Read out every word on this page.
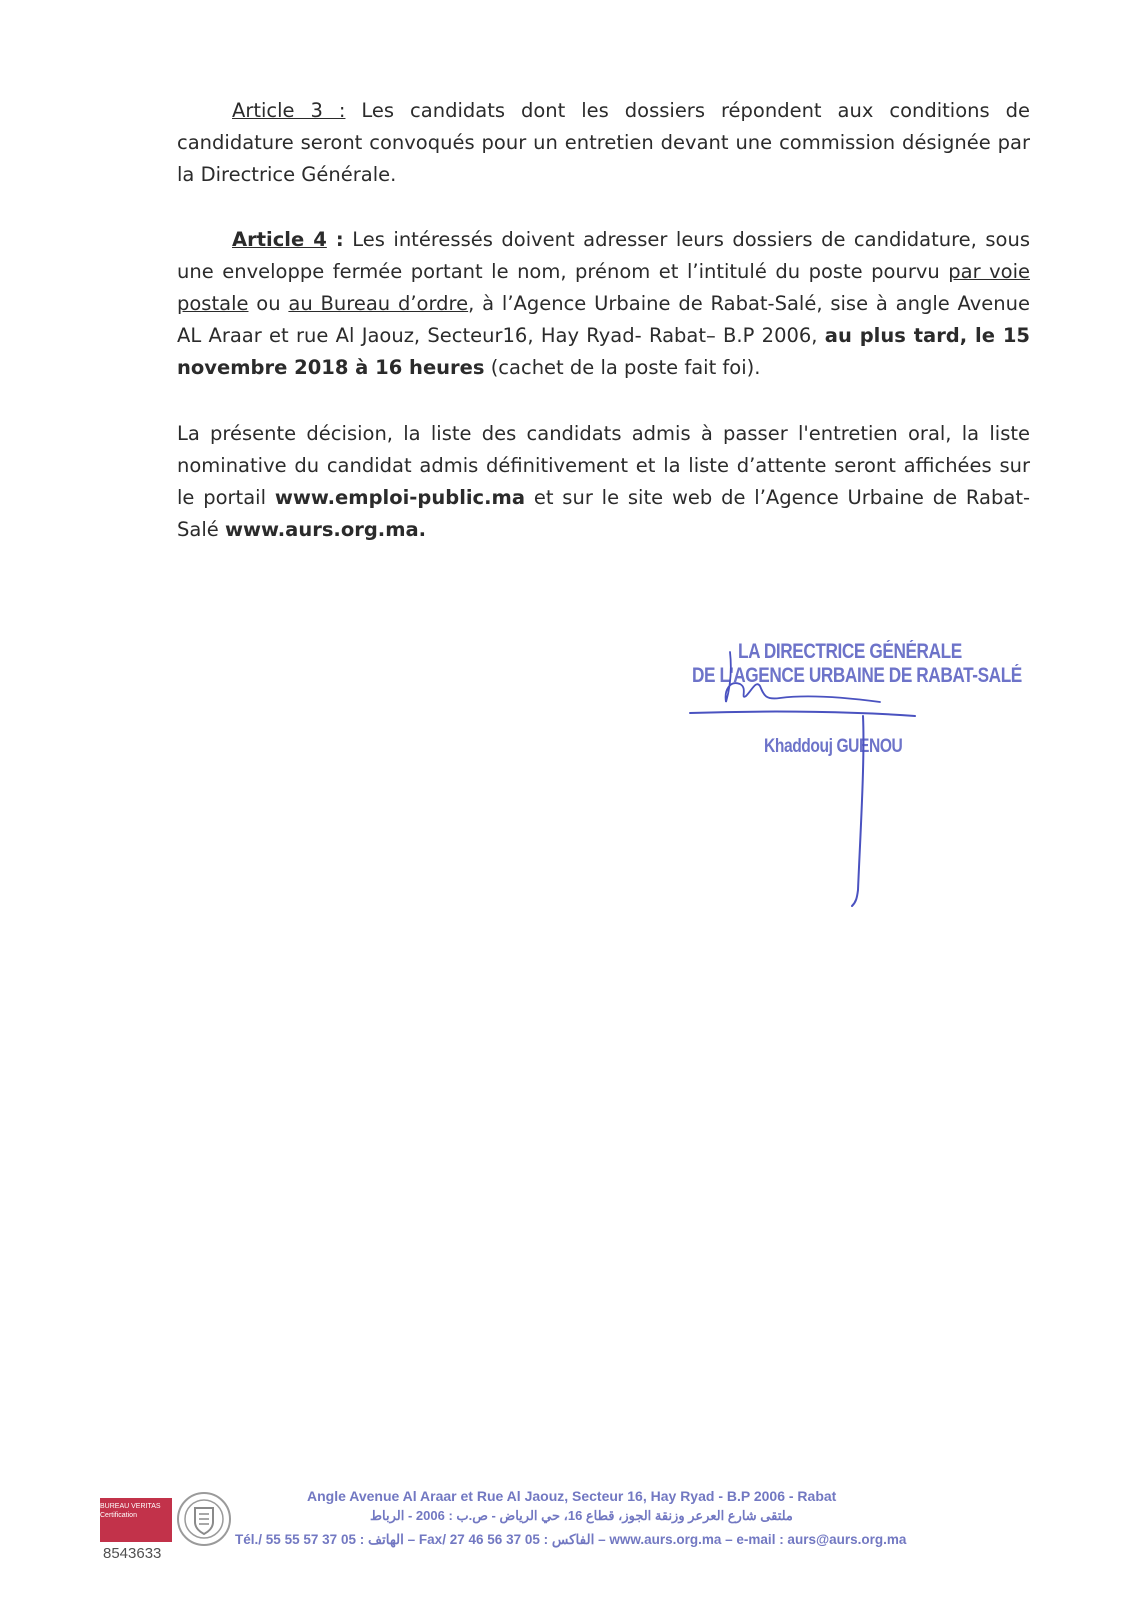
Article 3 : Les candidats dont les dossiers répondent aux conditions de candidature seront convoqués pour un entretien devant une commission désignée par la Directrice Générale.

Article 4 : Les intéressés doivent adresser leurs dossiers de candidature, sous une enveloppe fermée portant le nom, prénom et l’intitulé du poste pourvu par voie postale ou au Bureau d’ordre, à l’Agence Urbaine de Rabat-Salé, sise à angle Avenue AL Araar et rue Al Jaouz, Secteur16, Hay Ryad- Rabat– B.P 2006, au plus tard, le 15 novembre 2018 à 16 heures (cachet de la poste fait foi).

La présente décision, la liste des candidats admis à passer l'entretien oral, la liste nominative du candidat admis définitivement et la liste d’attente seront affichées sur le portail www.emploi-public.ma et sur le site web de l’Agence Urbaine de Rabat-Salé www.aurs.org.ma.

LA DIRECTRICE GÉNÉRALE
DE L'AGENCE URBAINE DE RABAT-SALÉ
Khaddouj GUENOU
BUREAU VERITAS
Certification
8543633
Angle Avenue Al Araar et Rue Al Jaouz, Secteur 16, Hay Ryad - B.P 2006 - Rabat
ملتقى شارع العرعر وزنقة الجوز، قطاع 16، حي الرياض - ص.ب : 2006 - الرباط
Tél./ الهاتف : 05 37 57 55 55 – Fax/ الفاكس : 05 37 56 46 27 – www.aurs.org.ma – e-mail : aurs@aurs.org.ma
